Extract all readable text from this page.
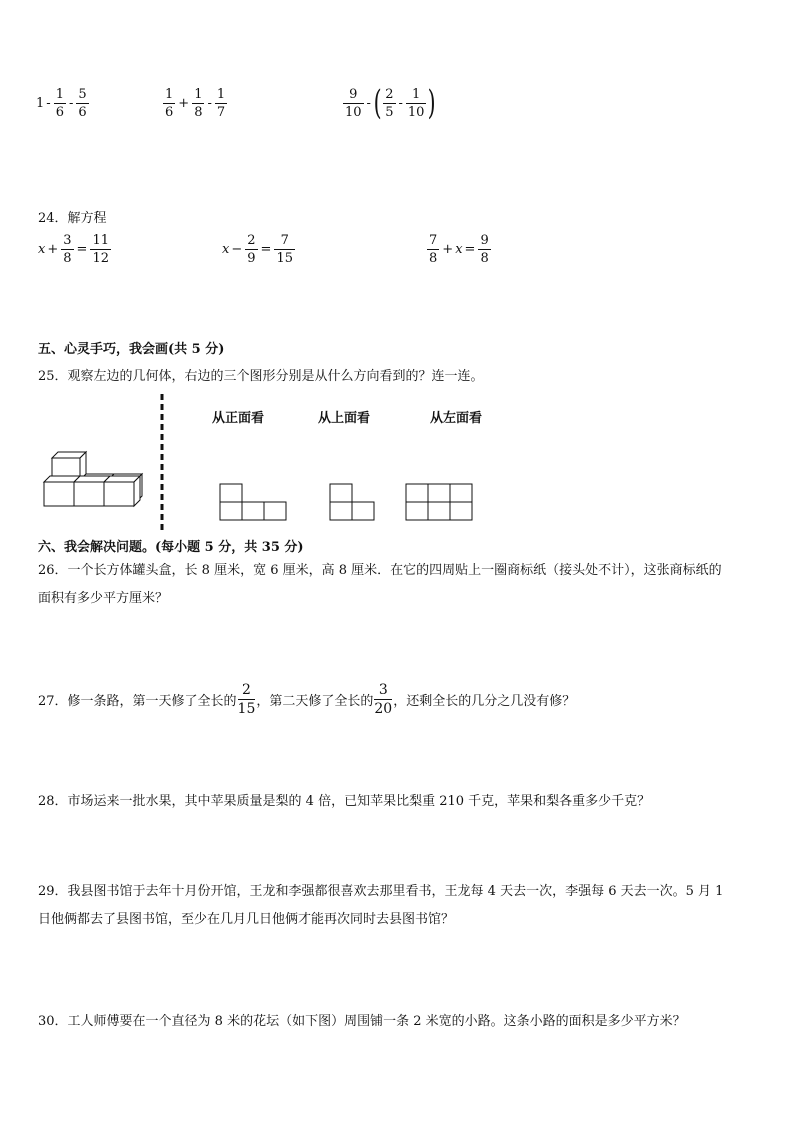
$1 - \frac{1}{6} - \frac{5}{6}$	$\frac{1}{6} + \frac{1}{8} - \frac{1}{7}$	$\frac{9}{10}$ - ( $\frac{2}{5} - \frac{1}{10}$ )
24．解方程
$x + \frac{3}{8} = \frac{11}{12}$	$x - \frac{2}{9} = \frac{7}{15}$	$\frac{7}{8} + x = \frac{9}{8}$
五、心灵手巧，我会画(共 5 分)
25．观察左边的几何体，右边的三个图形分别是从什么方向看到的？连一连。
从正面看	从上面看	从左面看
六、我会解决问题。(每小题 5 分，共 35 分)
26．一个长方体罐头盒，长 8 厘米，宽 6 厘米，高 8 厘米．在它的四周贴上一圈商标纸（接头处不计），这张商标纸的
面积有多少平方厘米？
27．修一条路，第一天修了全长的 $\frac{2}{15}$ ，第二天修了全长的 $\frac{3}{20}$ ，还剩全长的几分之几没有修？
28．市场运来一批水果，其中苹果质量是梨的 4 倍，已知苹果比梨重 210 千克，苹果和梨各重多少千克？
29．我县图书馆于去年十月份开馆，王龙和李强都很喜欢去那里看书，王龙每 4 天去一次，李强每 6 天去一次。5 月 1
日他俩都去了县图书馆，至少在几月几日他俩才能再次同时去县图书馆？
30．工人师傅要在一个直径为 8 米的花坛（如下图）周围铺一条 2 米宽的小路。这条小路的面积是多少平方米？
